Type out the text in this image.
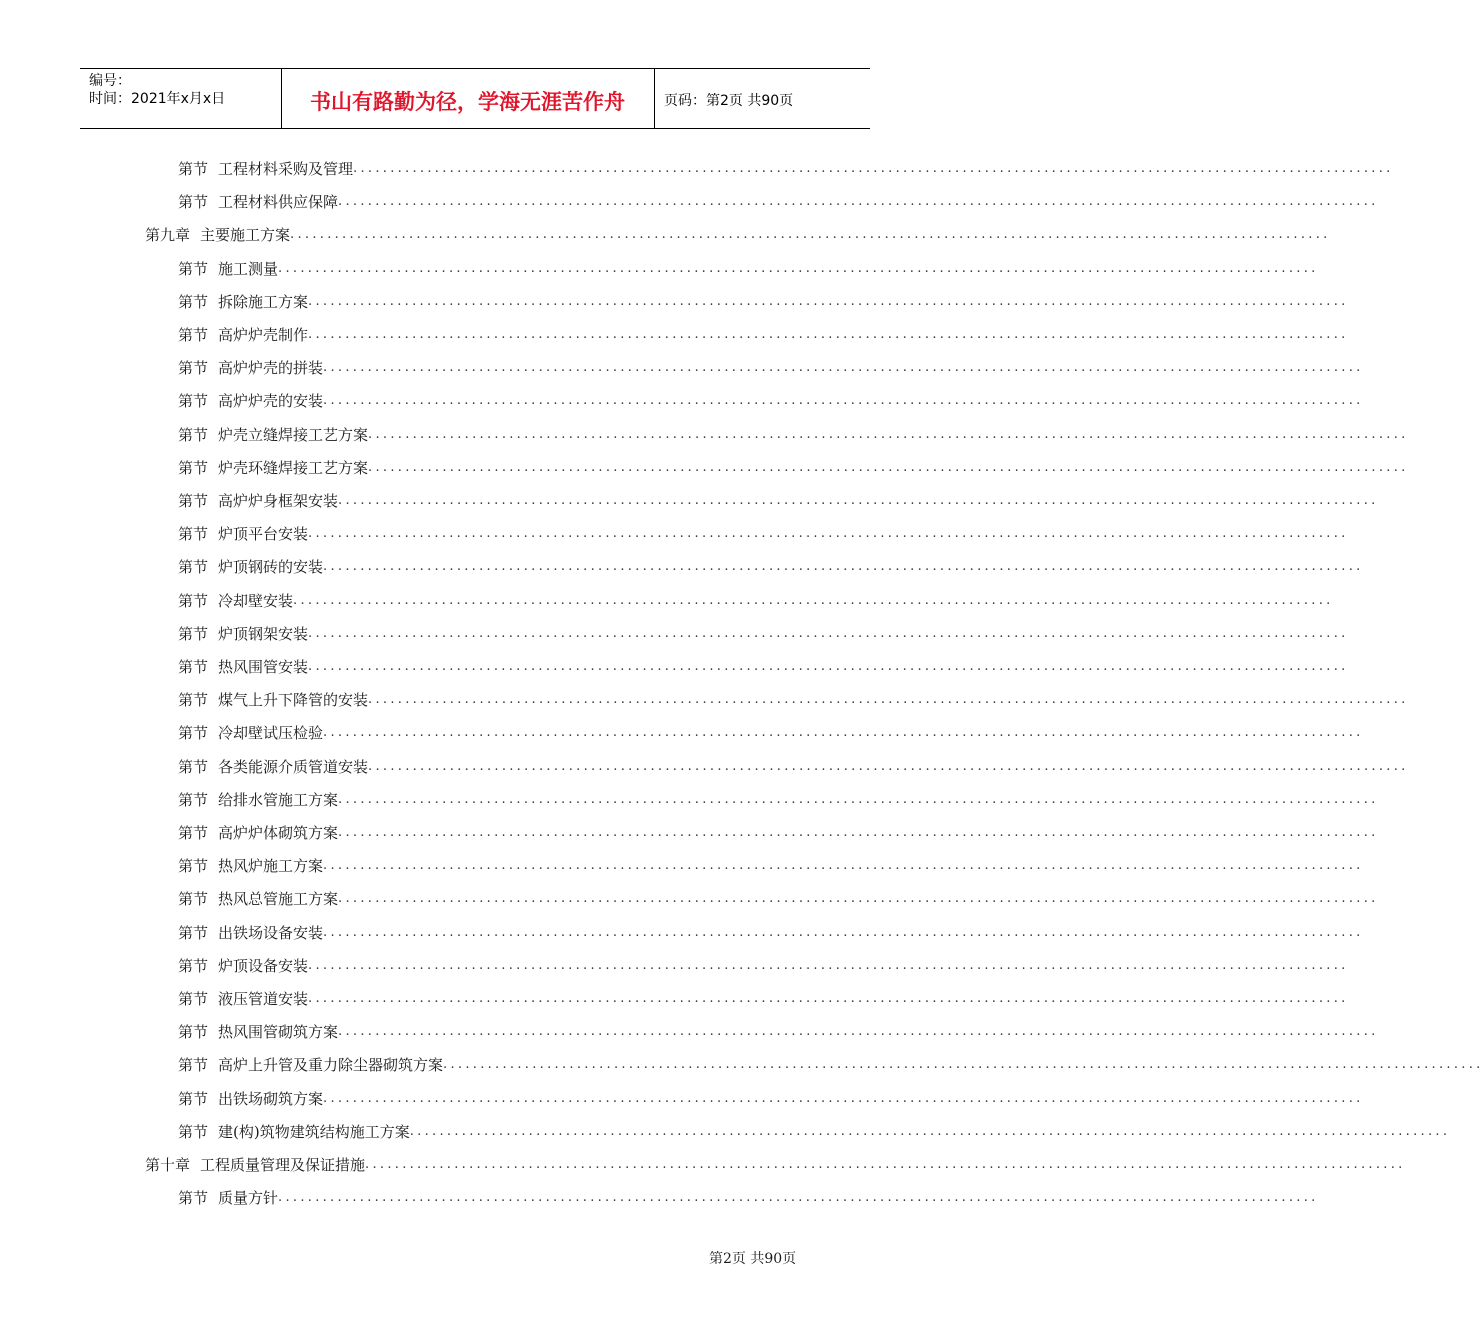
编号：
时间：2021年x月x日	书山有路勤为径，学海无涯苦作舟	页码：第2页 共90页
第节 工程材料采购及管理 ............................................................................................................................................
第节 工程材料供应保障 ............................................................................................................................................
第九章 主要施工方案 ............................................................................................................................................
第节 施工测量 ............................................................................................................................................
第节 拆除施工方案 ............................................................................................................................................
第节 高炉炉壳制作 ............................................................................................................................................
第节 高炉炉壳的拼装 ............................................................................................................................................
第节 高炉炉壳的安装 ............................................................................................................................................
第节 炉壳立缝焊接工艺方案 ............................................................................................................................................
第节 炉壳环缝焊接工艺方案 ............................................................................................................................................
第节 高炉炉身框架安装 ............................................................................................................................................
第节 炉顶平台安装 ............................................................................................................................................
第节 炉顶钢砖的安装 ............................................................................................................................................
第节 冷却壁安装 ............................................................................................................................................
第节 炉顶钢架安装 ............................................................................................................................................
第节 热风围管安装 ............................................................................................................................................
第节 煤气上升下降管的安装 ............................................................................................................................................
第节 冷却壁试压检验 ............................................................................................................................................
第节 各类能源介质管道安装 ............................................................................................................................................
第节 给排水管施工方案 ............................................................................................................................................
第节 高炉炉体砌筑方案 ............................................................................................................................................
第节 热风炉施工方案 ............................................................................................................................................
第节 热风总管施工方案 ............................................................................................................................................
第节 出铁场设备安装 ............................................................................................................................................
第节 炉顶设备安装 ............................................................................................................................................
第节 液压管道安装 ............................................................................................................................................
第节 热风围管砌筑方案 ............................................................................................................................................
第节 高炉上升管及重力除尘器砌筑方案 ............................................................................................................................................
第节 出铁场砌筑方案 ............................................................................................................................................
第节 建(构)筑物建筑结构施工方案 ............................................................................................................................................
第十章 工程质量管理及保证措施 ............................................................................................................................................
第节 质量方针 ............................................................................................................................................
第2页 共90页
